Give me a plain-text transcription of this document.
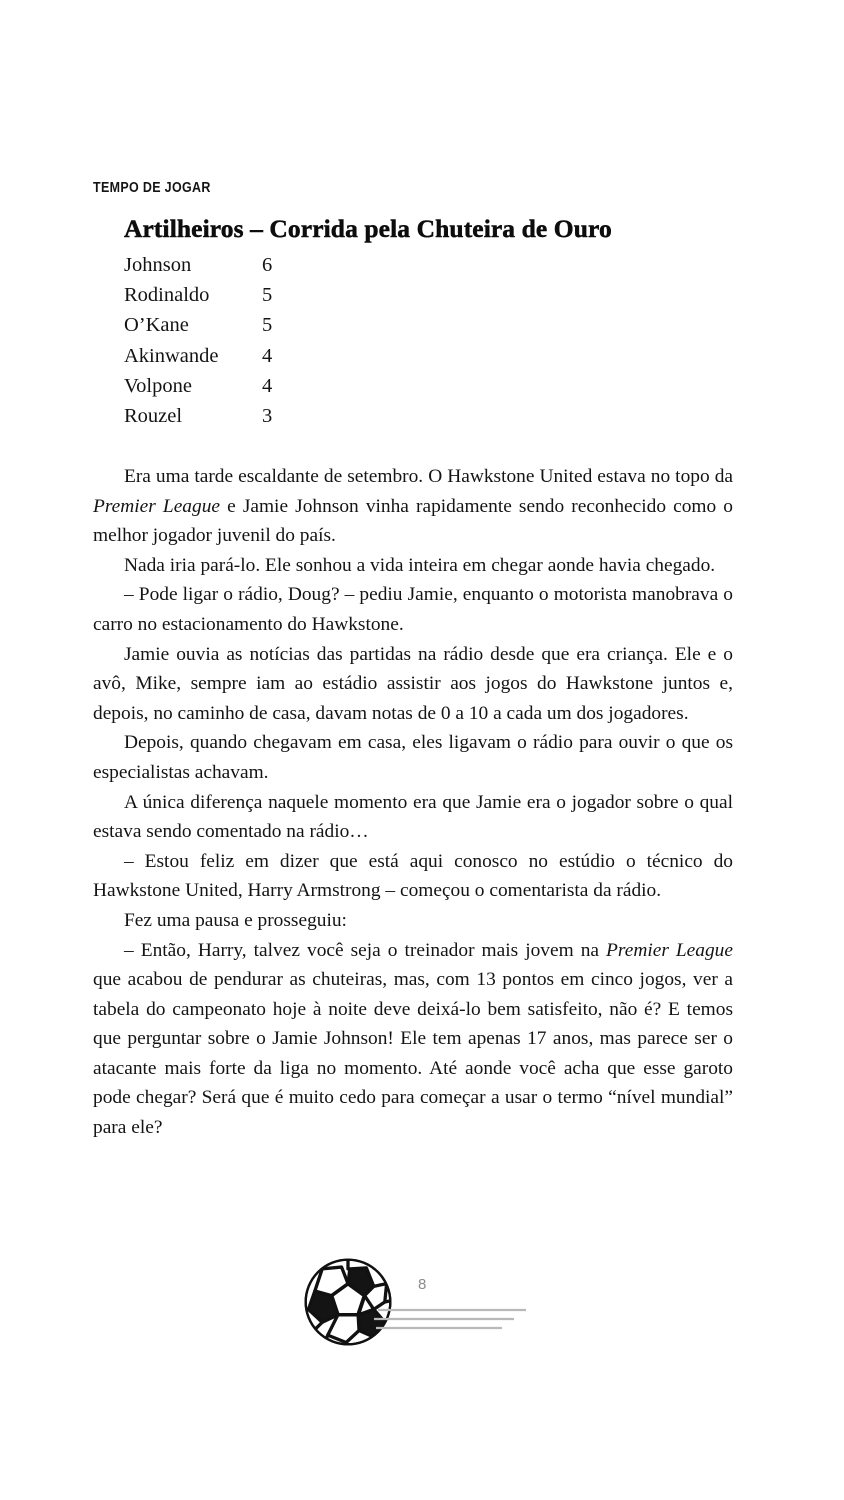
TEMPO DE JOGAR
Artilheiros – Corrida pela Chuteira de Ouro
Johnson	6
Rodinaldo	5
O’Kane	5
Akinwande	4
Volpone	4
Rouzel	3

Era uma tarde escaldante de setembro. O Hawkstone United estava no topo da Premier League e Jamie Johnson vinha rapidamente sendo reconhecido como o melhor jogador juvenil do país.

Nada iria pará-lo. Ele sonhou a vida inteira em chegar aonde havia chegado.

– Pode ligar o rádio, Doug? – pediu Jamie, enquanto o motorista manobrava o carro no estacionamento do Hawkstone.

Jamie ouvia as notícias das partidas na rádio desde que era criança. Ele e o avô, Mike, sempre iam ao estádio assistir aos jogos do Hawkstone juntos e, depois, no caminho de casa, davam notas de 0 a 10 a cada um dos jogadores.

Depois, quando chegavam em casa, eles ligavam o rádio para ouvir o que os especialistas achavam.

A única diferença naquele momento era que Jamie era o jogador sobre o qual estava sendo comentado na rádio…

– Estou feliz em dizer que está aqui conosco no estúdio o técnico do Hawkstone United, Harry Armstrong – começou o comentarista da rádio.

Fez uma pausa e prosseguiu:

– Então, Harry, talvez você seja o treinador mais jovem na Premier League que acabou de pendurar as chuteiras, mas, com 13 pontos em cinco jogos, ver a tabela do campeonato hoje à noite deve deixá-lo bem satisfeito, não é? E temos que perguntar sobre o Jamie Johnson! Ele tem apenas 17 anos, mas parece ser o atacante mais forte da liga no momento. Até aonde você acha que esse garoto pode chegar? Será que é muito cedo para começar a usar o termo “nível mundial” para ele?

8
